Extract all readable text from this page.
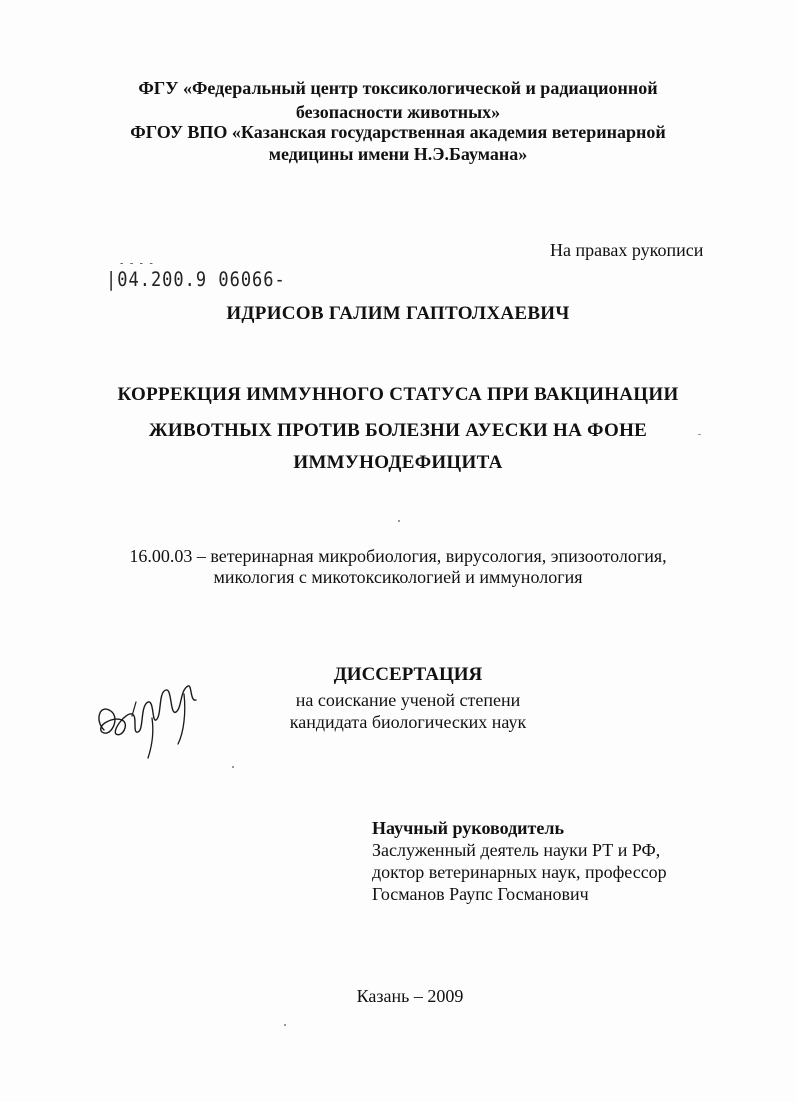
ФГУ «Федеральный центр токсикологической и радиационной
безопасности животных»
ФГОУ ВПО «Казанская государственная академия ветеринарной
медицины имени Н.Э.Баумана»
На правах рукописи
- - - -
|04.200.9 06066-
ИДРИСОВ ГАЛИМ ГАПТОЛХАЕВИЧ
КОРРЕКЦИЯ ИММУННОГО СТАТУСА ПРИ ВАКЦИНАЦИИ
ЖИВОТНЫХ ПРОТИВ БОЛЕЗНИ АУЕСКИ НА ФОНЕ
ИММУНОДЕФИЦИТА
16.00.03 – ветеринарная микробиология, вирусология, эпизоотология,
микология с микотоксикологией и иммунология
ДИССЕРТАЦИЯ
на соискание ученой степени
кандидата биологических наук
Научный руководитель
Заслуженный деятель науки РТ и РФ,
доктор ветеринарных наук, профессор
Госманов Раупс Госманович
Казань – 2009
